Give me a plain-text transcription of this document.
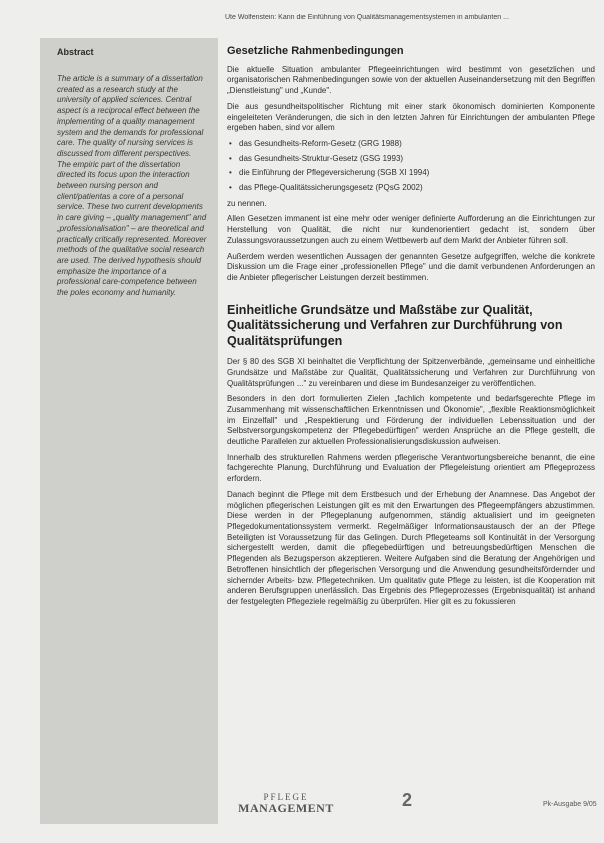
Ute Wolfenstein: Kann die Einführung von Qualitätsmanagementsystemen in ambulanten ...
Abstract
The article is a summary of a dissertation created as a research study at the university of applied sciences. Central aspect is a reciprocal effect between the implementing of a quality management system and the demands for professional care. The quality of nursing services is discussed from different perspectives. The empiric part of the dissertation directed its focus upon the interaction between nursing person and client/patientas a core of a personal service. These two current developments in care giving – „quality management" and „professionalisation" – are theoretical and practically critically represented. Moreover methods of the qualitative social research are used. The derived hypothesis should emphasize the importance of a professional care-competence between the poles economy and humanity.
Gesetzliche Rahmenbedingungen

Die aktuelle Situation ambulanter Pflegeeinrichtungen wird bestimmt von gesetzlichen und organisatorischen Rahmenbedingungen sowie von der aktuellen Auseinandersetzung mit den Begriffen „Dienstleistung" und „Kunde".

Die aus gesundheitspolitischer Richtung mit einer stark ökonomisch dominierten Komponente eingeleiteten Veränderungen, die sich in den letzten Jahren für Einrichtungen der ambulanten Pflege ergeben haben, sind vor allem

• das Gesundheits-Reform-Gesetz (GRG 1988)
• das Gesundheits-Struktur-Gesetz (GSG 1993)
• die Einführung der Pflegeversicherung (SGB XI 1994)
• das Pflege-Qualitätssicherungsgesetz (PQsG 2002)

zu nennen.

Allen Gesetzen immanent ist eine mehr oder weniger definierte Aufforderung an die Einrichtungen zur Herstellung von Qualität, die nicht nur kundenorientiert gedacht ist, sondern über Zulassungsvoraussetzungen auch zu einem Wettbewerb auf dem Markt der Anbieter führen soll.

Außerdem werden wesentlichen Aussagen der genannten Gesetze aufgegriffen, welche die konkrete Diskussion um die Frage einer „professionellen Pflege" und die damit verbundenen Anforderungen an die Anbieter pflegerischer Leistungen derzeit bestimmen.

Einheitliche Grundsätze und Maßstäbe zur Qualität, Qualitätssicherung und Verfahren zur Durchführung von Qualitätsprüfungen

Der § 80 des SGB XI beinhaltet die Verpflichtung der Spitzenverbände, „gemeinsame und einheitliche Grundsätze und Maßstäbe zur Qualität, Qualitätssicherung und Verfahren zur Durchführung von Qualitätsprüfungen ..." zu vereinbaren und diese im Bundesanzeiger zu veröffentlichen.

Besonders in den dort formulierten Zielen „fachlich kompetente und bedarfsgerechte Pflege im Zusammenhang mit wissenschaftlichen Erkenntnissen und Ökonomie", „flexible Reaktionsmöglichkeit im Einzelfall" und „Respektierung und Förderung der individuellen Lebenssituation und der Selbstversorgungskompetenz der Pflegebedürftigen" werden Ansprüche an die Pflege gestellt, die deutliche Parallelen zur aktuellen Professionalisierungsdiskussion aufweisen.

Innerhalb des strukturellen Rahmens werden pflegerische Verantwortungsbereiche benannt, die eine fachgerechte Planung, Durchführung und Evaluation der Pflegeleistung orientiert am Pflegeprozess erfordern.

Danach beginnt die Pflege mit dem Erstbesuch und der Erhebung der Anamnese. Das Angebot der möglichen pflegerischen Leistungen gilt es mit den Erwartungen des Pflegeempfängers abzustimmen. Diese werden in der Pflegeplanung aufgenommen, ständig aktualisiert und im geeigneten Pflegedokumentationssystem vermerkt. Regelmäßiger Informationsaustausch der an der Pflege Beteiligten ist Voraussetzung für das Gelingen. Durch Pflegeteams soll Kontinuität in der Versorgung sichergestellt werden, damit die pflegebedürftigen und betreuungsbedürftigen Menschen die Pflegenden als Bezugsperson akzeptieren. Weitere Aufgaben sind die Beratung der Angehörigen und Betroffenen hinsichtlich der pflegerischen Versorgung und die Anwendung gesundheitsfördernder und sichernder Arbeits- bzw. Pflegetechniken. Um qualitativ gute Pflege zu leisten, ist die Kooperation mit anderen Berufsgruppen unerlässlich. Das Ergebnis des Pflegeprozesses (Ergebnisqualität) ist anhand der festgelegten Pflegeziele regelmäßig zu überprüfen. Hier gilt es zu fokussieren

PFLEGE
MANAGEMENT	2	Pk-Ausgabe 9/05
